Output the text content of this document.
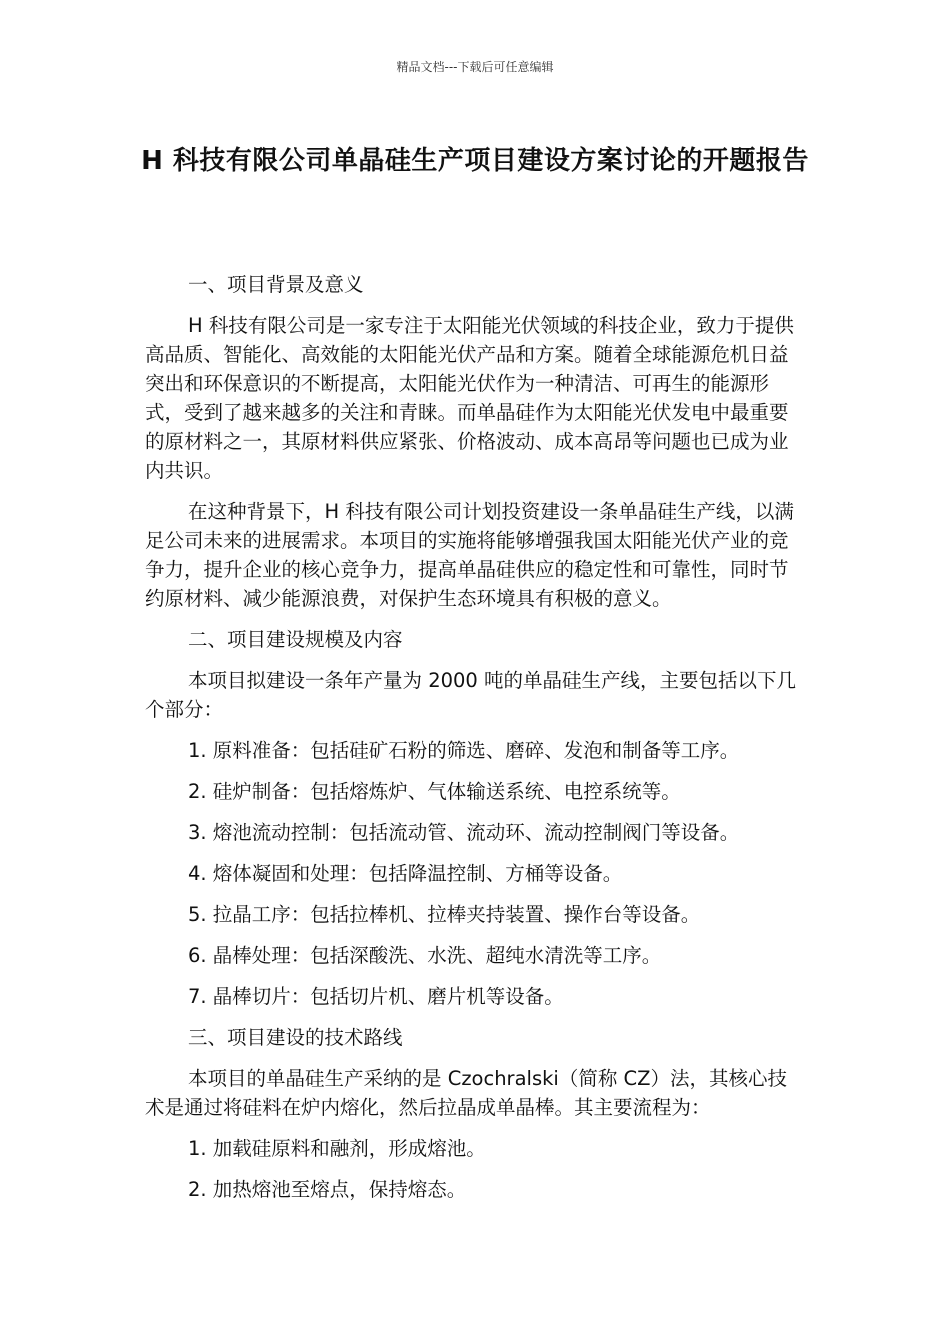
精品文档---下载后可任意编辑
H 科技有限公司单晶硅生产项目建设方案讨论的开题报告

一、项目背景及意义

H 科技有限公司是一家专注于太阳能光伏领域的科技企业，致力于提供高品质、智能化、高效能的太阳能光伏产品和方案。随着全球能源危机日益突出和环保意识的不断提高，太阳能光伏作为一种清洁、可再生的能源形式，受到了越来越多的关注和青睐。而单晶硅作为太阳能光伏发电中最重要的原材料之一，其原材料供应紧张、价格波动、成本高昂等问题也已成为业内共识。

在这种背景下，H 科技有限公司计划投资建设一条单晶硅生产线，以满足公司未来的进展需求。本项目的实施将能够增强我国太阳能光伏产业的竞争力，提升企业的核心竞争力，提高单晶硅供应的稳定性和可靠性，同时节约原材料、减少能源浪费，对保护生态环境具有积极的意义。

二、项目建设规模及内容

本项目拟建设一条年产量为 2000 吨的单晶硅生产线，主要包括以下几个部分：

1. 原料准备：包括硅矿石粉的筛选、磨碎、发泡和制备等工序。

2. 硅炉制备：包括熔炼炉、气体输送系统、电控系统等。

3. 熔池流动控制：包括流动管、流动环、流动控制阀门等设备。

4. 熔体凝固和处理：包括降温控制、方桶等设备。

5. 拉晶工序：包括拉棒机、拉棒夹持装置、操作台等设备。

6. 晶棒处理：包括深酸洗、水洗、超纯水清洗等工序。

7. 晶棒切片：包括切片机、磨片机等设备。

三、项目建设的技术路线

本项目的单晶硅生产采纳的是 Czochralski（简称 CZ）法，其核心技术是通过将硅料在炉内熔化，然后拉晶成单晶棒。其主要流程为：

1. 加载硅原料和融剂，形成熔池。

2. 加热熔池至熔点，保持熔态。
